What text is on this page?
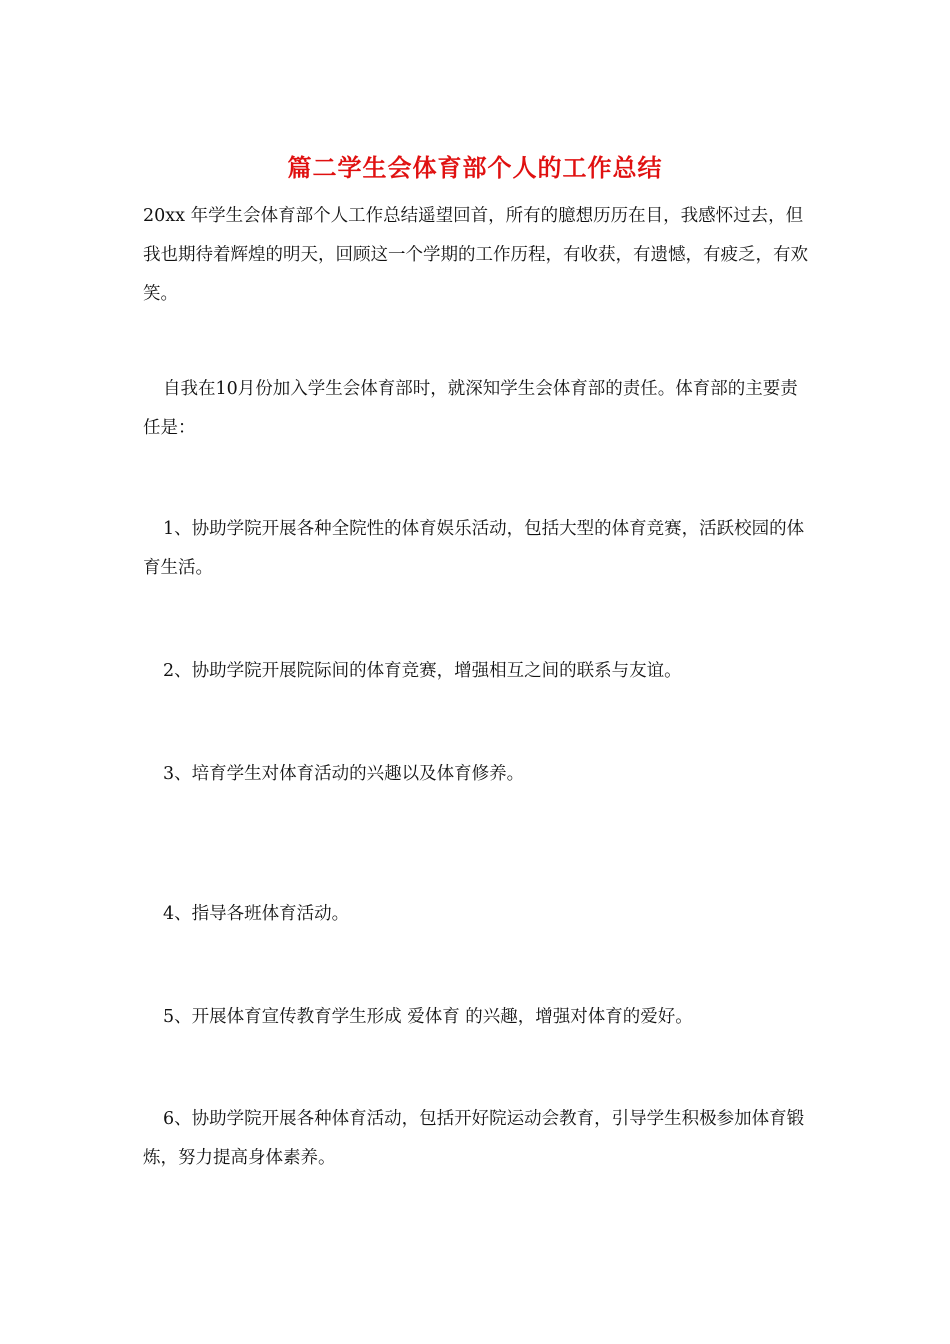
篇二学生会体育部个人的工作总结

20xx 年学生会体育部个人工作总结遥望回首，所有的臆想历历在目，我感怀过去，但我也期待着辉煌的明天，回顾这一个学期的工作历程，有收获，有遗憾，有疲乏，有欢笑。

自我在10月份加入学生会体育部时，就深知学生会体育部的责任。体育部的主要责任是：

1、协助学院开展各种全院性的体育娱乐活动，包括大型的体育竞赛，活跃校园的体育生活。

2、协助学院开展院际间的体育竞赛，增强相互之间的联系与友谊。

3、培育学生对体育活动的兴趣以及体育修养。

4、指导各班体育活动。

5、开展体育宣传教育学生形成 爱体育 的兴趣，增强对体育的爱好。

6、协助学院开展各种体育活动，包括开好院运动会教育，引导学生积极参加体育锻炼，努力提高身体素养。
